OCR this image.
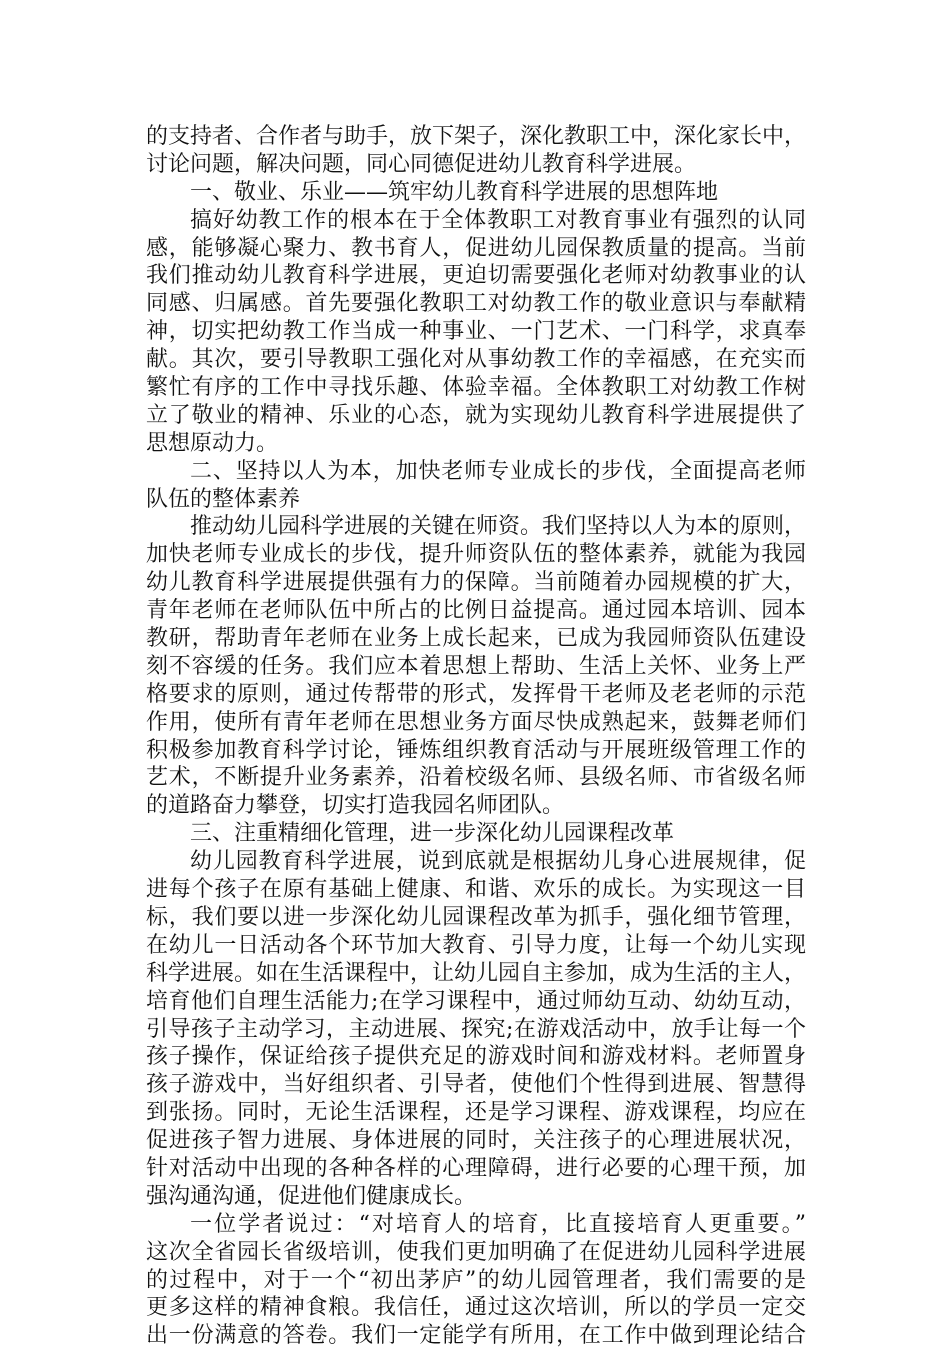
的支持者、合作者与助手，放下架子，深化教职工中，深化家长中，
讨论问题，解决问题，同心同德促进幼儿教育科学进展。
一、敬业、乐业——筑牢幼儿教育科学进展的思想阵地
搞好幼教工作的根本在于全体教职工对教育事业有强烈的认同
感，能够凝心聚力、教书育人，促进幼儿园保教质量的提高。当前
我们推动幼儿教育科学进展，更迫切需要强化老师对幼教事业的认
同感、归属感。首先要强化教职工对幼教工作的敬业意识与奉献精
神，切实把幼教工作当成一种事业、一门艺术、一门科学，求真奉
献。其次，要引导教职工强化对从事幼教工作的幸福感，在充实而
繁忙有序的工作中寻找乐趣、体验幸福。全体教职工对幼教工作树
立了敬业的精神、乐业的心态，就为实现幼儿教育科学进展提供了
思想原动力。
二、坚持以人为本，加快老师专业成长的步伐，全面提高老师
队伍的整体素养
推动幼儿园科学进展的关键在师资。我们坚持以人为本的原则，
加快老师专业成长的步伐，提升师资队伍的整体素养，就能为我园
幼儿教育科学进展提供强有力的保障。当前随着办园规模的扩大，
青年老师在老师队伍中所占的比例日益提高。通过园本培训、园本
教研，帮助青年老师在业务上成长起来，已成为我园师资队伍建设
刻不容缓的任务。我们应本着思想上帮助、生活上关怀、业务上严
格要求的原则，通过传帮带的形式，发挥骨干老师及老老师的示范
作用，使所有青年老师在思想业务方面尽快成熟起来，鼓舞老师们
积极参加教育科学讨论，锤炼组织教育活动与开展班级管理工作的
艺术，不断提升业务素养，沿着校级名师、县级名师、市省级名师
的道路奋力攀登，切实打造我园名师团队。
三、注重精细化管理，进一步深化幼儿园课程改革
幼儿园教育科学进展，说到底就是根据幼儿身心进展规律，促
进每个孩子在原有基础上健康、和谐、欢乐的成长。为实现这一目
标，我们要以进一步深化幼儿园课程改革为抓手，强化细节管理，
在幼儿一日活动各个环节加大教育、引导力度，让每一个幼儿实现
科学进展。如在生活课程中，让幼儿园自主参加，成为生活的主人，
培育他们自理生活能力;在学习课程中，通过师幼互动、幼幼互动，
引导孩子主动学习，主动进展、探究;在游戏活动中，放手让每一个
孩子操作，保证给孩子提供充足的游戏时间和游戏材料。老师置身
孩子游戏中，当好组织者、引导者，使他们个性得到进展、智慧得
到张扬。同时，无论生活课程，还是学习课程、游戏课程，均应在
促进孩子智力进展、身体进展的同时，关注孩子的心理进展状况，
针对活动中出现的各种各样的心理障碍，进行必要的心理干预，加
强沟通沟通，促进他们健康成长。
一位学者说过：“对培育人的培育，比直接培育人更重要。”
这次全省园长省级培训，使我们更加明确了在促进幼儿园科学进展
的过程中，对于一个“初出茅庐”的幼儿园管理者，我们需要的是
更多这样的精神食粮。我信任，通过这次培训，所以的学员一定交
出一份满意的答卷。我们一定能学有所用，在工作中做到理论结合
